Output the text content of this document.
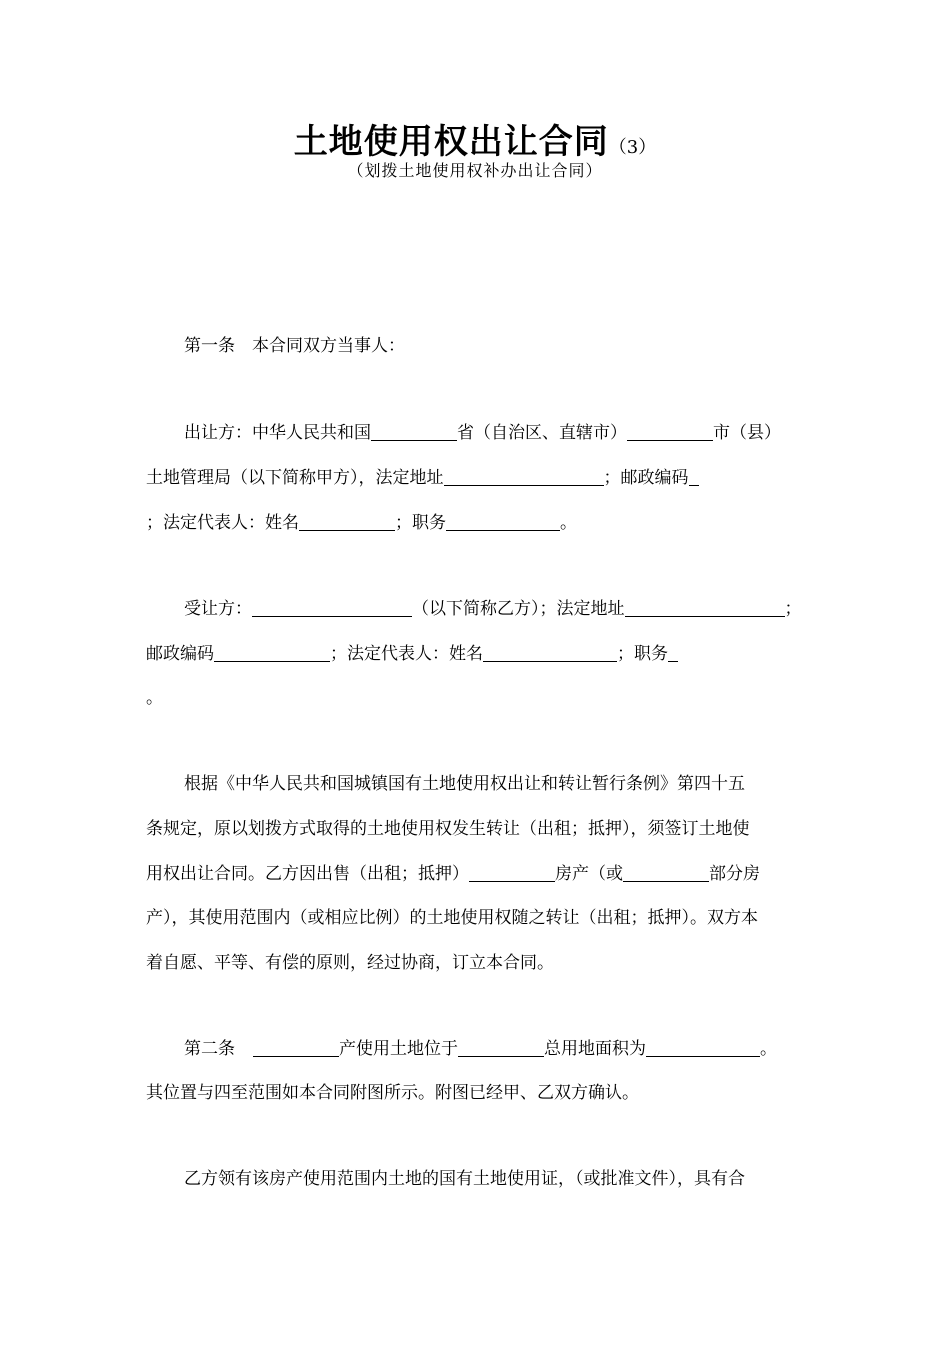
土地使用权出让合同（3）
（划拨土地使用权补办出让合同）
第一条　本合同双方当事人：
出让方：中华人民共和国	省（自治区、直辖市）	市（县）
土地管理局（以下简称甲方），法定地址	；邮政编码
；法定代表人：姓名	；职务	。
受让方：	（以下简称乙方）；法定地址	；
邮政编码	；法定代表人：姓名	；职务
。
根据《中华人民共和国城镇国有土地使用权出让和转让暂行条例》第四十五
条规定，原以划拨方式取得的土地使用权发生转让（出租；抵押），须签订土地使
用权出让合同。乙方因出售（出租；抵押）	房产（或	部分房
产），其使用范围内（或相应比例）的土地使用权随之转让（出租；抵押）。双方本
着自愿、平等、有偿的原则，经过协商，订立本合同。
第二条	产使用土地位于	总用地面积为	。
其位置与四至范围如本合同附图所示。附图已经甲、乙双方确认。
乙方领有该房产使用范围内土地的国有土地使用证，（或批准文件），具有合
